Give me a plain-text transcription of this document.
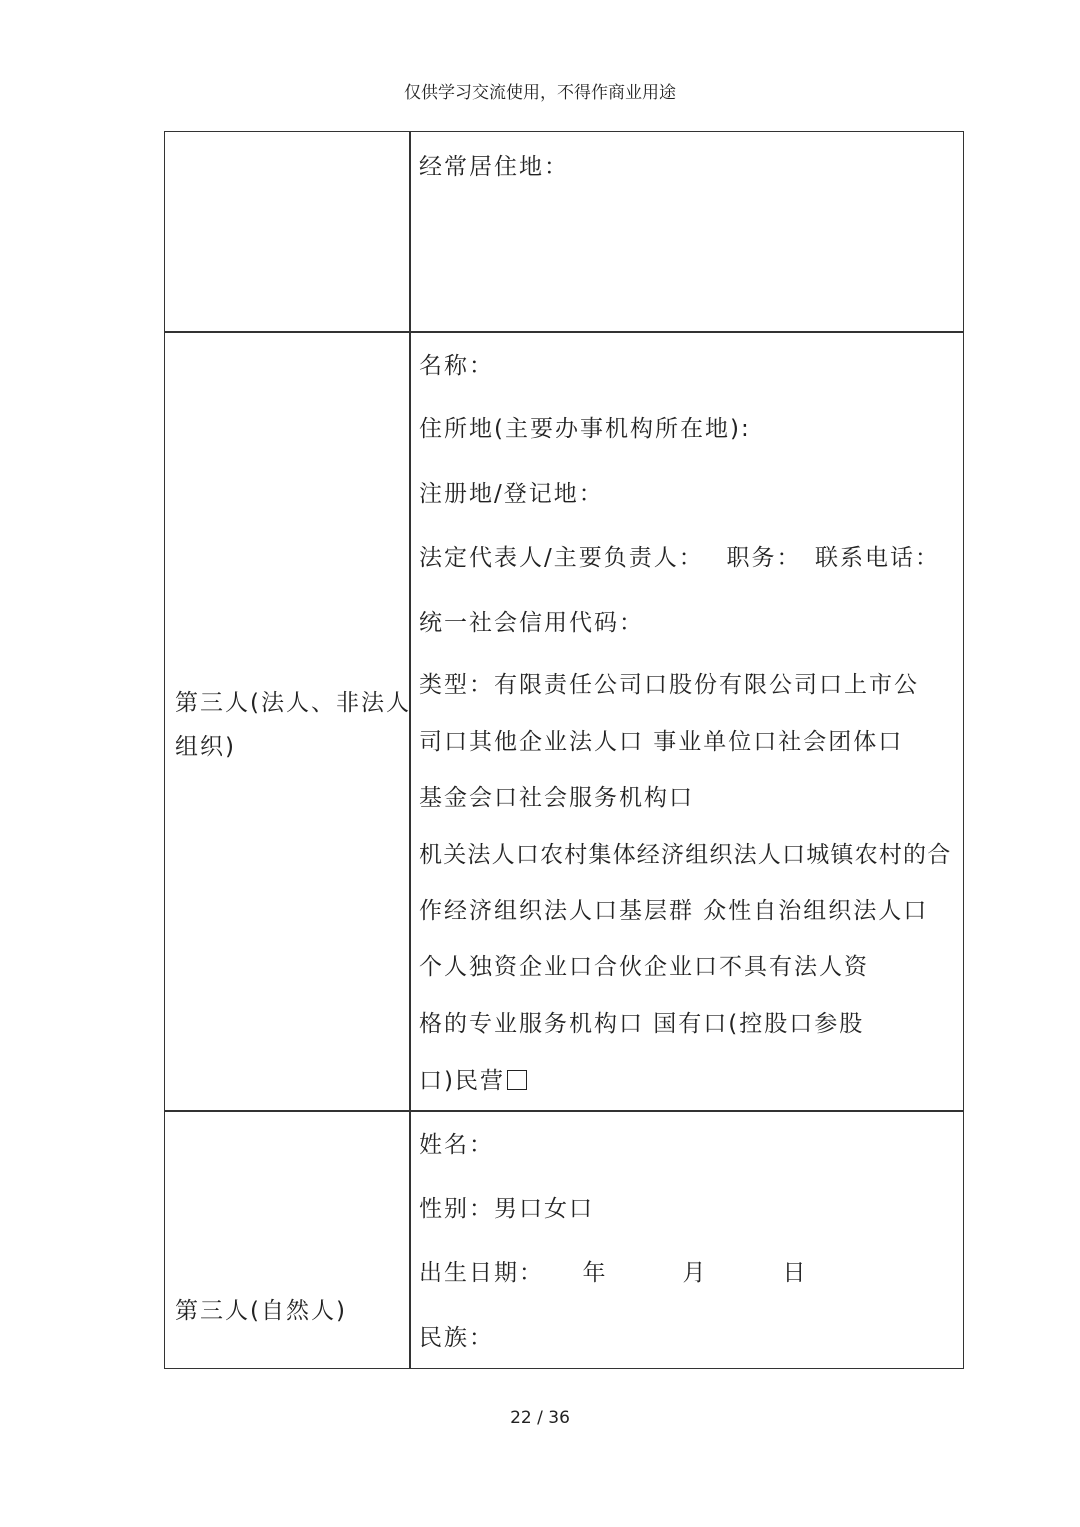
仅供学习交流使用，不得作商业用途
经常居住地：
第三人(法人、非法人
组织)
名称：
住所地(主要办事机构所在地):
注册地/登记地：
法定代表人/主要负责人：　 职务：　联系电话：
统一社会信用代码：
类型：有限责任公司口股份有限公司口上市公
司口其他企业法人口 事业单位口社会团体口
基金会口社会服务机构口
机关法人口农村集体经济组织法人口城镇农村的合
作经济组织法人口基层群 众性自治组织法人口
个人独资企业口合伙企业口不具有法人资
格的专业服务机构口 国有口(控股口参股
口)民营
第三人(自然人)
姓名：
性别：男口女口
出生日期：　　年　　　月　　　日
民族：
22 / 36
